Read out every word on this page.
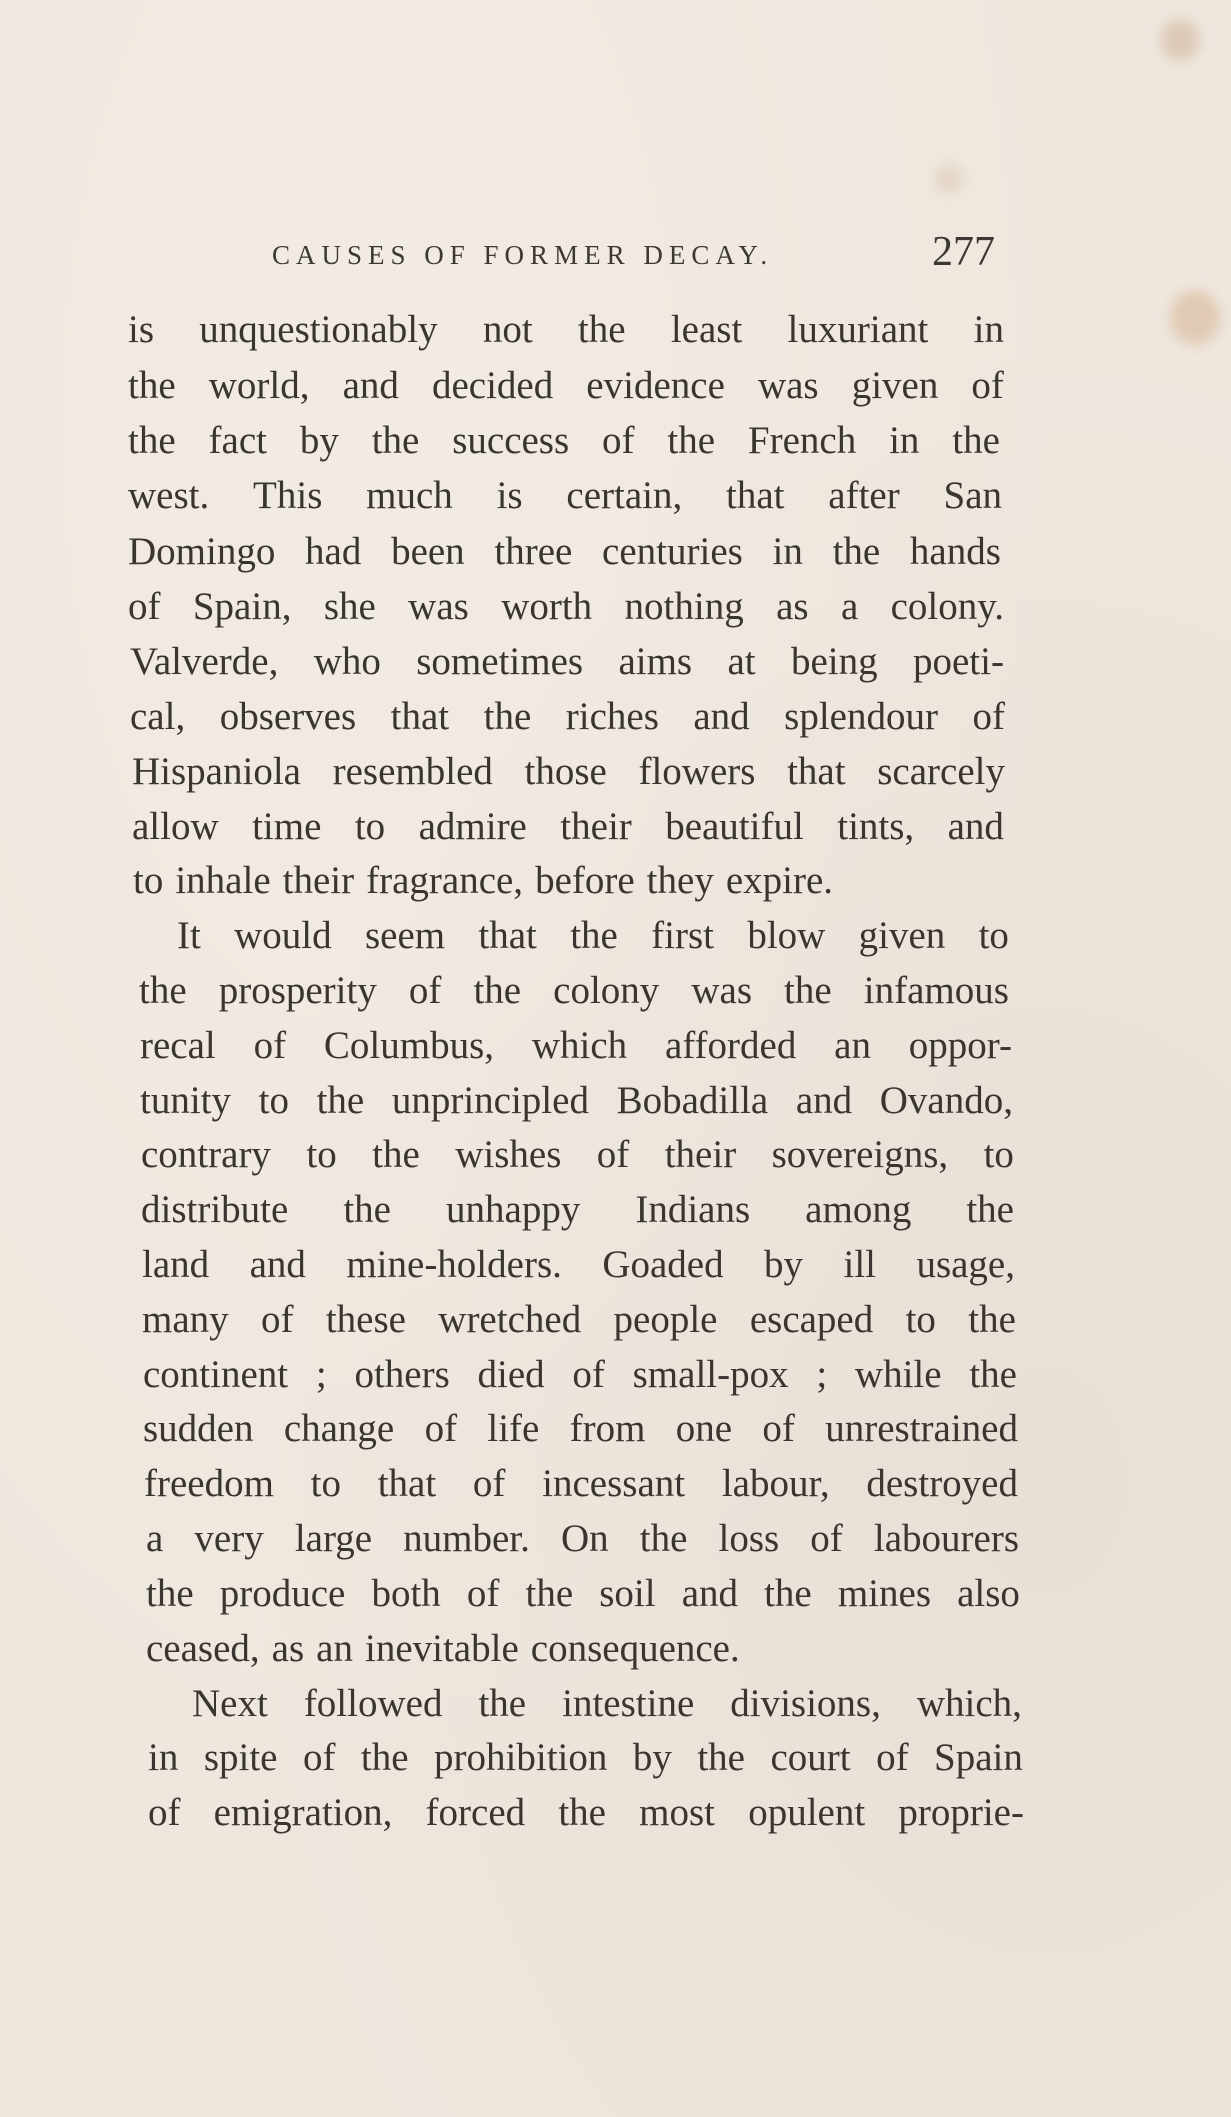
CAUSES OF FORMER DECAY.	277
is unquestionably not the least luxuriant in
the world, and decided evidence was given of
the fact by the success of the French in the
west. This much is certain, that after San
Domingo had been three centuries in the hands
of Spain, she was worth nothing as a colony.
Valverde, who sometimes aims at being poeti-
cal, observes that the riches and splendour of
Hispaniola resembled those flowers that scarcely
allow time to admire their beautiful tints, and
to inhale their fragrance, before they expire.
It would seem that the first blow given to
the prosperity of the colony was the infamous
recal of Columbus, which afforded an oppor-
tunity to the unprincipled Bobadilla and Ovando,
contrary to the wishes of their sovereigns, to
distribute the unhappy Indians among the
land and mine-holders. Goaded by ill usage,
many of these wretched people escaped to the
continent ; others died of small-pox ; while the
sudden change of life from one of unrestrained
freedom to that of incessant labour, destroyed
a very large number. On the loss of labourers
the produce both of the soil and the mines also
ceased, as an inevitable consequence.
Next followed the intestine divisions, which,
in spite of the prohibition by the court of Spain
of emigration, forced the most opulent proprie-
